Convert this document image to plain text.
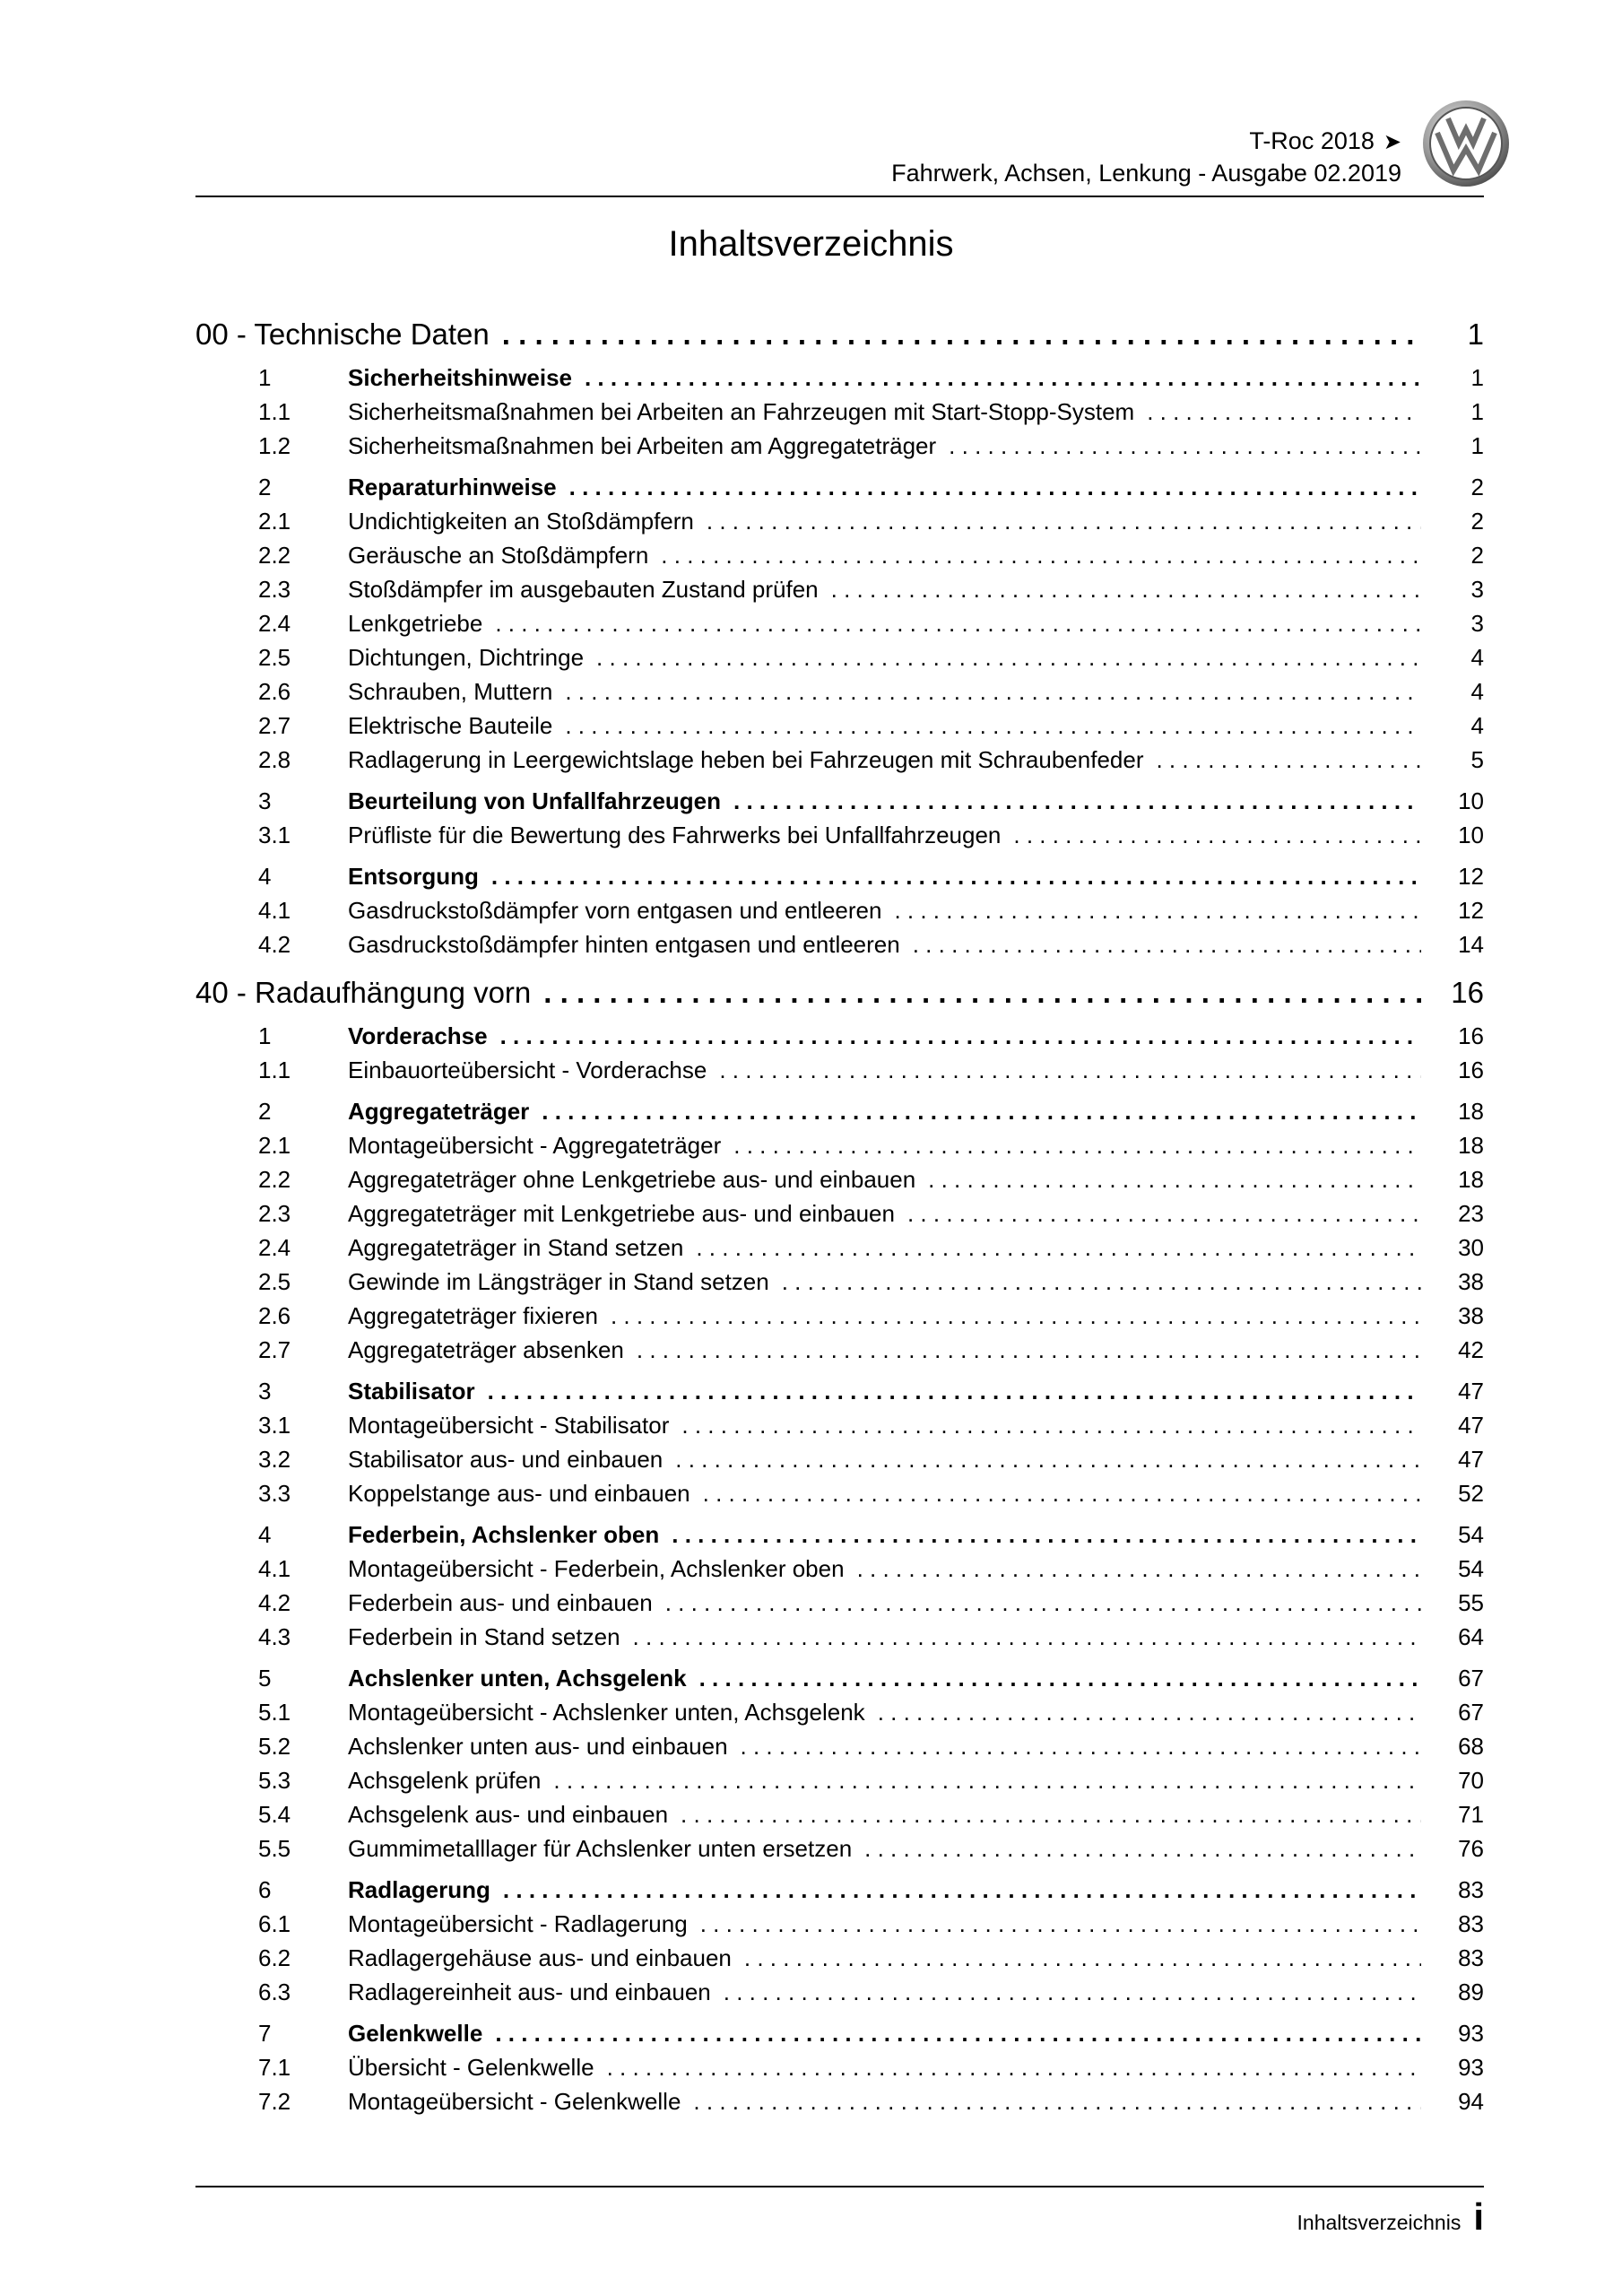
T-Roc 2018 ➤
Fahrwerk, Achsen, Lenkung - Ausgabe 02.2019
Inhaltsverzeichnis
00 - Technische Daten . . .	1
1	Sicherheitshinweise . . .	1
1.1	Sicherheitsmaßnahmen bei Arbeiten an Fahrzeugen mit Start-Stopp-System . . .	1
1.2	Sicherheitsmaßnahmen bei Arbeiten am Aggregateträger . . .	1
2	Reparaturhinweise . . .	2
2.1	Undichtigkeiten an Stoßdämpfern . . .	2
2.2	Geräusche an Stoßdämpfern . . .	2
2.3	Stoßdämpfer im ausgebauten Zustand prüfen . . .	3
2.4	Lenkgetriebe . . .	3
2.5	Dichtungen, Dichtringe . . .	4
2.6	Schrauben, Muttern . . .	4
2.7	Elektrische Bauteile . . .	4
2.8	Radlagerung in Leergewichtslage heben bei Fahrzeugen mit Schraubenfeder . . .	5
3	Beurteilung von Unfallfahrzeugen . . .	10
3.1	Prüfliste für die Bewertung des Fahrwerks bei Unfallfahrzeugen . . .	10
4	Entsorgung . . .	12
4.1	Gasdruckstoßdämpfer vorn entgasen und entleeren . . .	12
4.2	Gasdruckstoßdämpfer hinten entgasen und entleeren . . .	14
40 - Radaufhängung vorn . . .	16
1	Vorderachse . . .	16
1.1	Einbauorteübersicht - Vorderachse . . .	16
2	Aggregateträger . . .	18
2.1	Montageübersicht - Aggregateträger . . .	18
2.2	Aggregateträger ohne Lenkgetriebe aus- und einbauen . . .	18
2.3	Aggregateträger mit Lenkgetriebe aus- und einbauen . . .	23
2.4	Aggregateträger in Stand setzen . . .	30
2.5	Gewinde im Längsträger in Stand setzen . . .	38
2.6	Aggregateträger fixieren . . .	38
2.7	Aggregateträger absenken . . .	42
3	Stabilisator . . .	47
3.1	Montageübersicht - Stabilisator . . .	47
3.2	Stabilisator aus- und einbauen . . .	47
3.3	Koppelstange aus- und einbauen . . .	52
4	Federbein, Achslenker oben . . .	54
4.1	Montageübersicht - Federbein, Achslenker oben . . .	54
4.2	Federbein aus- und einbauen . . .	55
4.3	Federbein in Stand setzen . . .	64
5	Achslenker unten, Achsgelenk . . .	67
5.1	Montageübersicht - Achslenker unten, Achsgelenk . . .	67
5.2	Achslenker unten aus- und einbauen . . .	68
5.3	Achsgelenk prüfen . . .	70
5.4	Achsgelenk aus- und einbauen . . .	71
5.5	Gummimetalllager für Achslenker unten ersetzen . . .	76
6	Radlagerung . . .	83
6.1	Montageübersicht - Radlagerung . . .	83
6.2	Radlagergehäuse aus- und einbauen . . .	83
6.3	Radlagereinheit aus- und einbauen . . .	89
7	Gelenkwelle . . .	93
7.1	Übersicht - Gelenkwelle . . .	93
7.2	Montageübersicht - Gelenkwelle . . .	94
Inhaltsverzeichnis i
